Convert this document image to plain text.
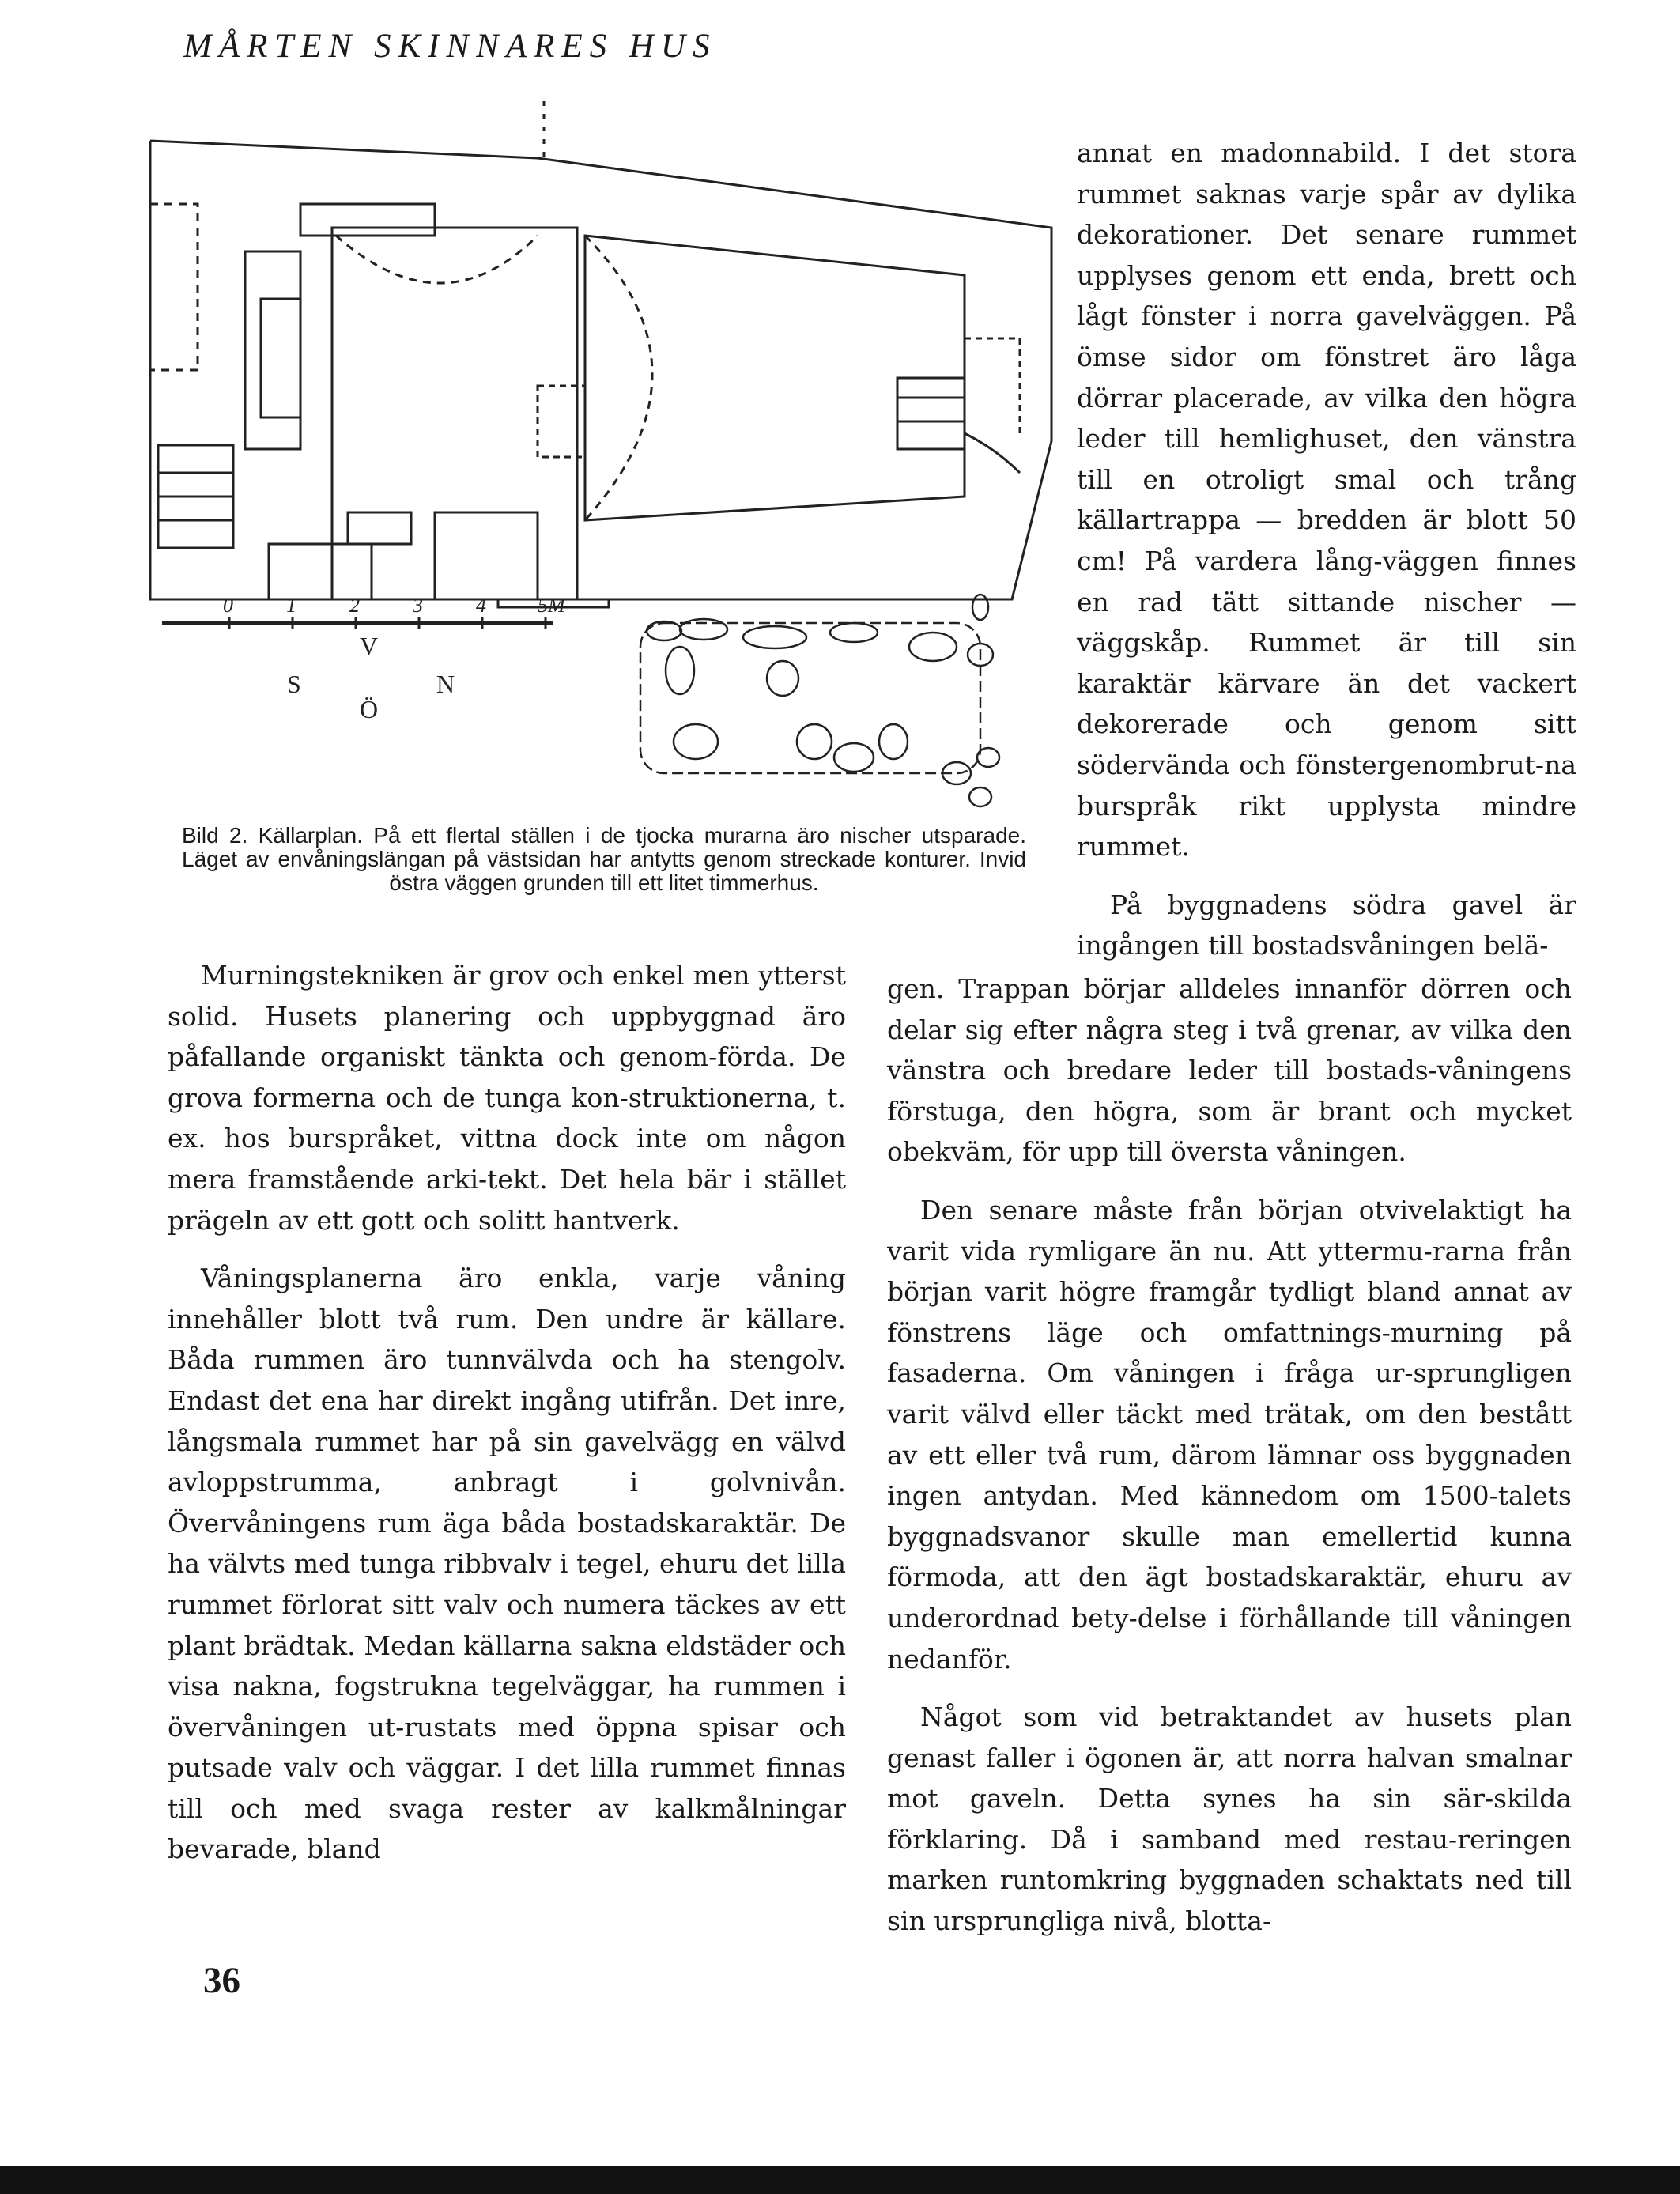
MÅRTEN SKINNARES HUS
0	1	2	3	4	5M
V
S	N
Ö
Bild 2. Källarplan. På ett flertal ställen i de tjocka murarna äro nischer utsparade. Läget av envåningslängan på västsidan har antytts genom streckade konturer. Invid östra väggen grunden till ett litet timmerhus.

annat en madonnabild. I det stora rummet saknas varje spår av dylika dekorationer. Det senare rummet upplyses genom ett enda, brett och lågt fönster i norra gavelväggen. På ömse sidor om fönstret äro låga dörrar placerade, av vilka den högra leder till hemlighuset, den vänstra till en otroligt smal och trång källartrappa — bredden är blott 50 cm! På vardera lång-väggen finnes en rad tätt sittande nischer — väggskåp. Rummet är till sin karaktär kärvare än det vackert dekorerade och genom sitt södervända och fönstergenombrut-na burspråk rikt upplysta mindre rummet.

På byggnadens södra gavel är ingången till bostadsvåningen belä-

Murningstekniken är grov och enkel men ytterst solid. Husets planering och uppbyggnad äro påfallande organiskt tänkta och genom-förda. De grova formerna och de tunga kon-struktionerna, t. ex. hos burspråket, vittna dock inte om någon mera framstående arki-tekt. Det hela bär i stället prägeln av ett gott och solitt hantverk.

Våningsplanerna äro enkla, varje våning innehåller blott två rum. Den undre är källare. Båda rummen äro tunnvälvda och ha stengolv. Endast det ena har direkt ingång utifrån. Det inre, långsmala rummet har på sin gavelvägg en välvd avloppstrumma, anbragt i golvnivån. Övervåningens rum äga båda bostadskaraktär. De ha välvts med tunga ribbvalv i tegel, ehuru det lilla rummet förlorat sitt valv och numera täckes av ett plant brädtak. Medan källarna sakna eldstäder och visa nakna, fogstrukna tegelväggar, ha rummen i övervåningen ut-rustats med öppna spisar och putsade valv och väggar. I det lilla rummet finnas till och med svaga rester av kalkmålningar bevarade, bland

gen. Trappan börjar alldeles innanför dörren och delar sig efter några steg i två grenar, av vilka den vänstra och bredare leder till bostads-våningens förstuga, den högra, som är brant och mycket obekväm, för upp till översta våningen.

Den senare måste från början otvivelaktigt ha varit vida rymligare än nu. Att yttermu-rarna från början varit högre framgår tydligt bland annat av fönstrens läge och omfattnings-murning på fasaderna. Om våningen i fråga ur-sprungligen varit välvd eller täckt med trätak, om den bestått av ett eller två rum, därom lämnar oss byggnaden ingen antydan. Med kännedom om 1500-talets byggnadsvanor skulle man emellertid kunna förmoda, att den ägt bostadskaraktär, ehuru av underordnad bety-delse i förhållande till våningen nedanför.

Något som vid betraktandet av husets plan genast faller i ögonen är, att norra halvan smalnar mot gaveln. Detta synes ha sin sär-skilda förklaring. Då i samband med restau-reringen marken runtomkring byggnaden schaktats ned till sin ursprungliga nivå, blotta-

36
